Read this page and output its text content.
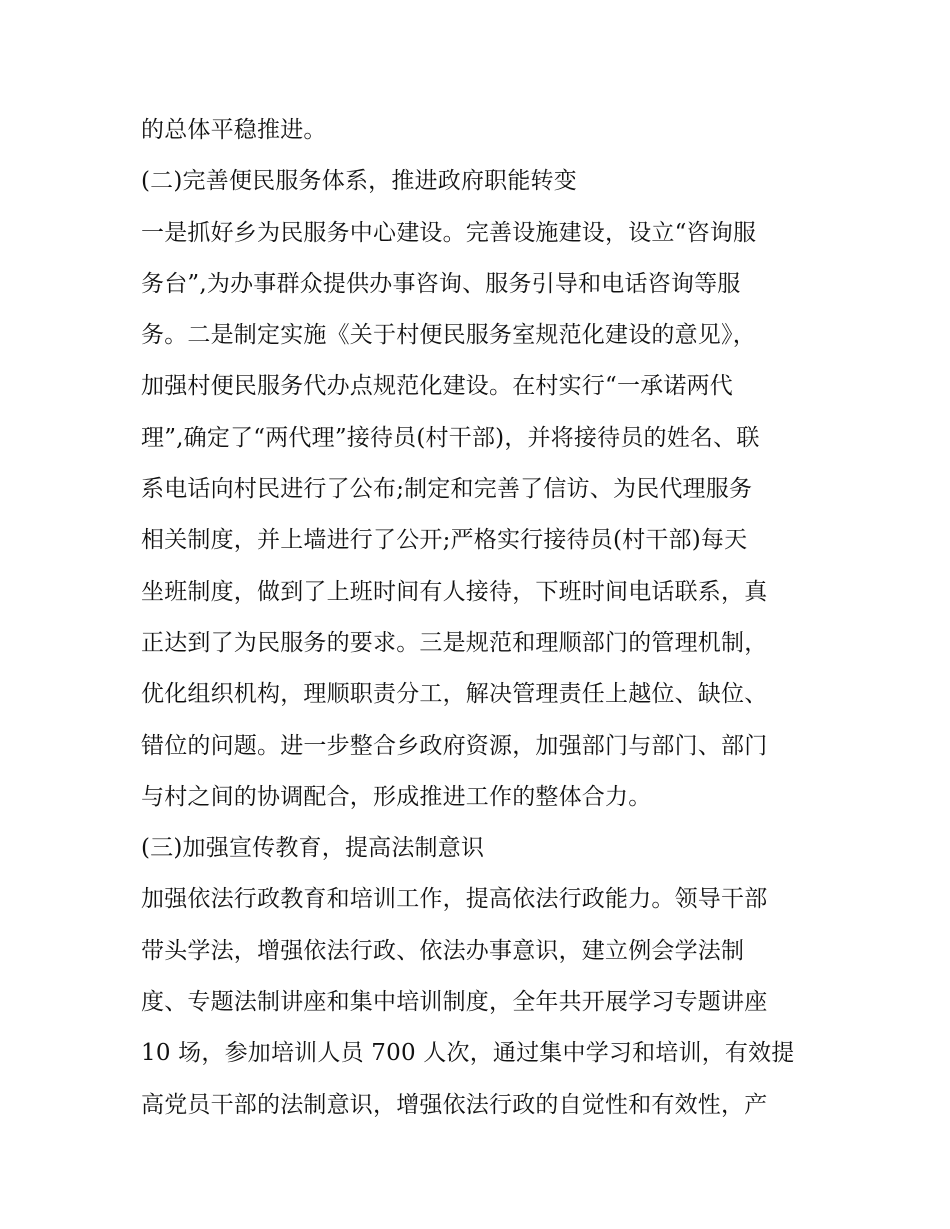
的总体平稳推进。
(二)完善便民服务体系，推进政府职能转变
一是抓好乡为民服务中心建设。完善设施建设，设立“咨询服
务台”,为办事群众提供办事咨询、服务引导和电话咨询等服
务。二是制定实施《关于村便民服务室规范化建设的意见》，
加强村便民服务代办点规范化建设。在村实行“一承诺两代
理”,确定了“两代理”接待员(村干部)，并将接待员的姓名、联
系电话向村民进行了公布;制定和完善了信访、为民代理服务
相关制度，并上墙进行了公开;严格实行接待员(村干部)每天
坐班制度，做到了上班时间有人接待，下班时间电话联系，真
正达到了为民服务的要求。三是规范和理顺部门的管理机制，
优化组织机构，理顺职责分工，解决管理责任上越位、缺位、
错位的问题。进一步整合乡政府资源，加强部门与部门、部门
与村之间的协调配合，形成推进工作的整体合力。
(三)加强宣传教育，提高法制意识
加强依法行政教育和培训工作，提高依法行政能力。领导干部
带头学法，增强依法行政、依法办事意识，建立例会学法制
度、专题法制讲座和集中培训制度，全年共开展学习专题讲座
10 场，参加培训人员 700 人次，通过集中学习和培训，有效提
高党员干部的法制意识，增强依法行政的自觉性和有效性，产
